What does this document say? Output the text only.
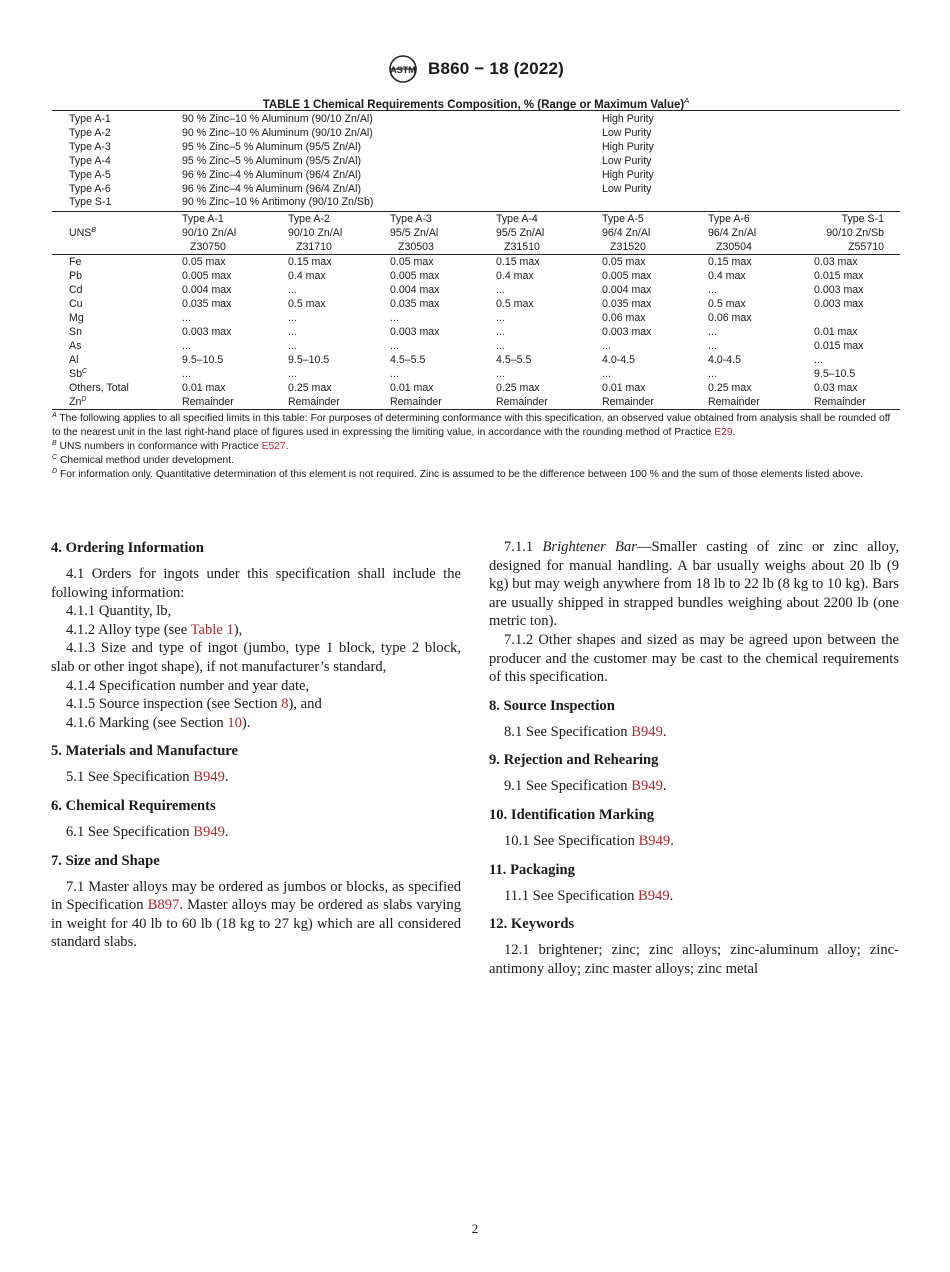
ASTM B860 − 18 (2022)
TABLE 1 Chemical Requirements Composition, % (Range or Maximum Value)$^A$
Type A-1	90 % Zinc–10 % Aluminum (90/10 Zn/Al)	High Purity
Type A-2	90 % Zinc–10 % Aluminum (90/10 Zn/Al)	Low Purity
Type A-3	95 % Zinc–5 % Aluminum (95/5 Zn/Al)	High Purity
Type A-4	95 % Zinc–5 % Aluminum (95/5 Zn/Al)	Low Purity
Type A-5	96 % Zinc–4 % Aluminum (96/4 Zn/Al)	High Purity
Type A-6	96 % Zinc–4 % Aluminum (96/4 Zn/Al)	Low Purity
Type S-1	90 % Zinc–10 % Antimony (90/10 Zn/Sb)	
	Type A-1	Type A-2	Type A-3	Type A-4	Type A-5	Type A-6	Type S-1
UNS$^B$	90/10 Zn/Al	90/10 Zn/Al	95/5 Zn/Al	95/5 Zn/Al	96/4 Zn/Al	96/4 Zn/Al	90/10 Zn/Sb
	Z30750	Z31710	Z30503	Z31510	Z31520	Z30504	Z55710
Fe	0.05 max	0.15 max	0.05 max	0.15 max	0.05 max	0.15 max	0.03 max
Pb	0.005 max	0.4 max	0.005 max	0.4 max	0.005 max	0.4 max	0.015 max
Cd	0.004 max	...	0.004 max	...	0.004 max	...	0.003 max
Cu	0.035 max	0.5 max	0.035 max	0.5 max	0.035 max	0.5 max	0.003 max
Mg	...	...	...	...	0.06 max	0.06 max	
Sn	0.003 max	...	0.003 max	...	0.003 max	...	0.01 max
As	...	...	...	...	...	...	0.015 max
Al	9.5–10.5	9.5–10.5	4.5–5.5	4.5–5.5	4.0-4.5	4.0-4.5	...
Sb$^C$	...	...	...	...	...	...	9.5–10.5
Others, Total	0.01 max	0.25 max	0.01 max	0.25 max	0.01 max	0.25 max	0.03 max
Zn$^D$	Remainder	Remainder	Remainder	Remainder	Remainder	Remainder	Remainder

$^A$ The following applies to all specified limits in this table: For purposes of determining conformance with this specification, an observed value obtained from analysis shall be rounded off to the nearest unit in the last right-hand place of figures used in expressing the limiting value, in accordance with the rounding method of Practice E29.

$^B$ UNS numbers in conformance with Practice E527.

$^C$ Chemical method under development.

$^D$ For information only. Quantitative determination of this element is not required. Zinc is assumed to be the difference between 100 % and the sum of those elements listed above.

4. Ordering Information

4.1 Orders for ingots under this specification shall include the following information:

4.1.1 Quantity, lb,

4.1.2 Alloy type (see Table 1),

4.1.3 Size and type of ingot (jumbo, type 1 block, type 2 block, slab or other ingot shape), if not manufacturer’s standard,

4.1.4 Specification number and year date,

4.1.5 Source inspection (see Section 8), and

4.1.6 Marking (see Section 10).

5. Materials and Manufacture

5.1 See Specification B949.

6. Chemical Requirements

6.1 See Specification B949.

7. Size and Shape

7.1 Master alloys may be ordered as jumbos or blocks, as specified in Specification B897. Master alloys may be ordered as slabs varying in weight for 40 lb to 60 lb (18 kg to 27 kg) which are all considered standard slabs.

7.1.1 Brightener Bar—Smaller casting of zinc or zinc alloy, designed for manual handling. A bar usually weighs about 20 lb (9 kg) but may weigh anywhere from 18 lb to 22 lb (8 kg to 10 kg). Bars are usually shipped in strapped bundles weighing about 2200 lb (one metric ton).

7.1.2 Other shapes and sized as may be agreed upon between the producer and the customer may be cast to the chemical requirements of this specification.

8. Source Inspection

8.1 See Specification B949.

9. Rejection and Rehearing

9.1 See Specification B949.

10. Identification Marking

10.1 See Specification B949.

11. Packaging

11.1 See Specification B949.

12. Keywords

12.1 brightener; zinc; zinc alloys; zinc-aluminum alloy; zinc-antimony alloy; zinc master alloys; zinc metal

2
